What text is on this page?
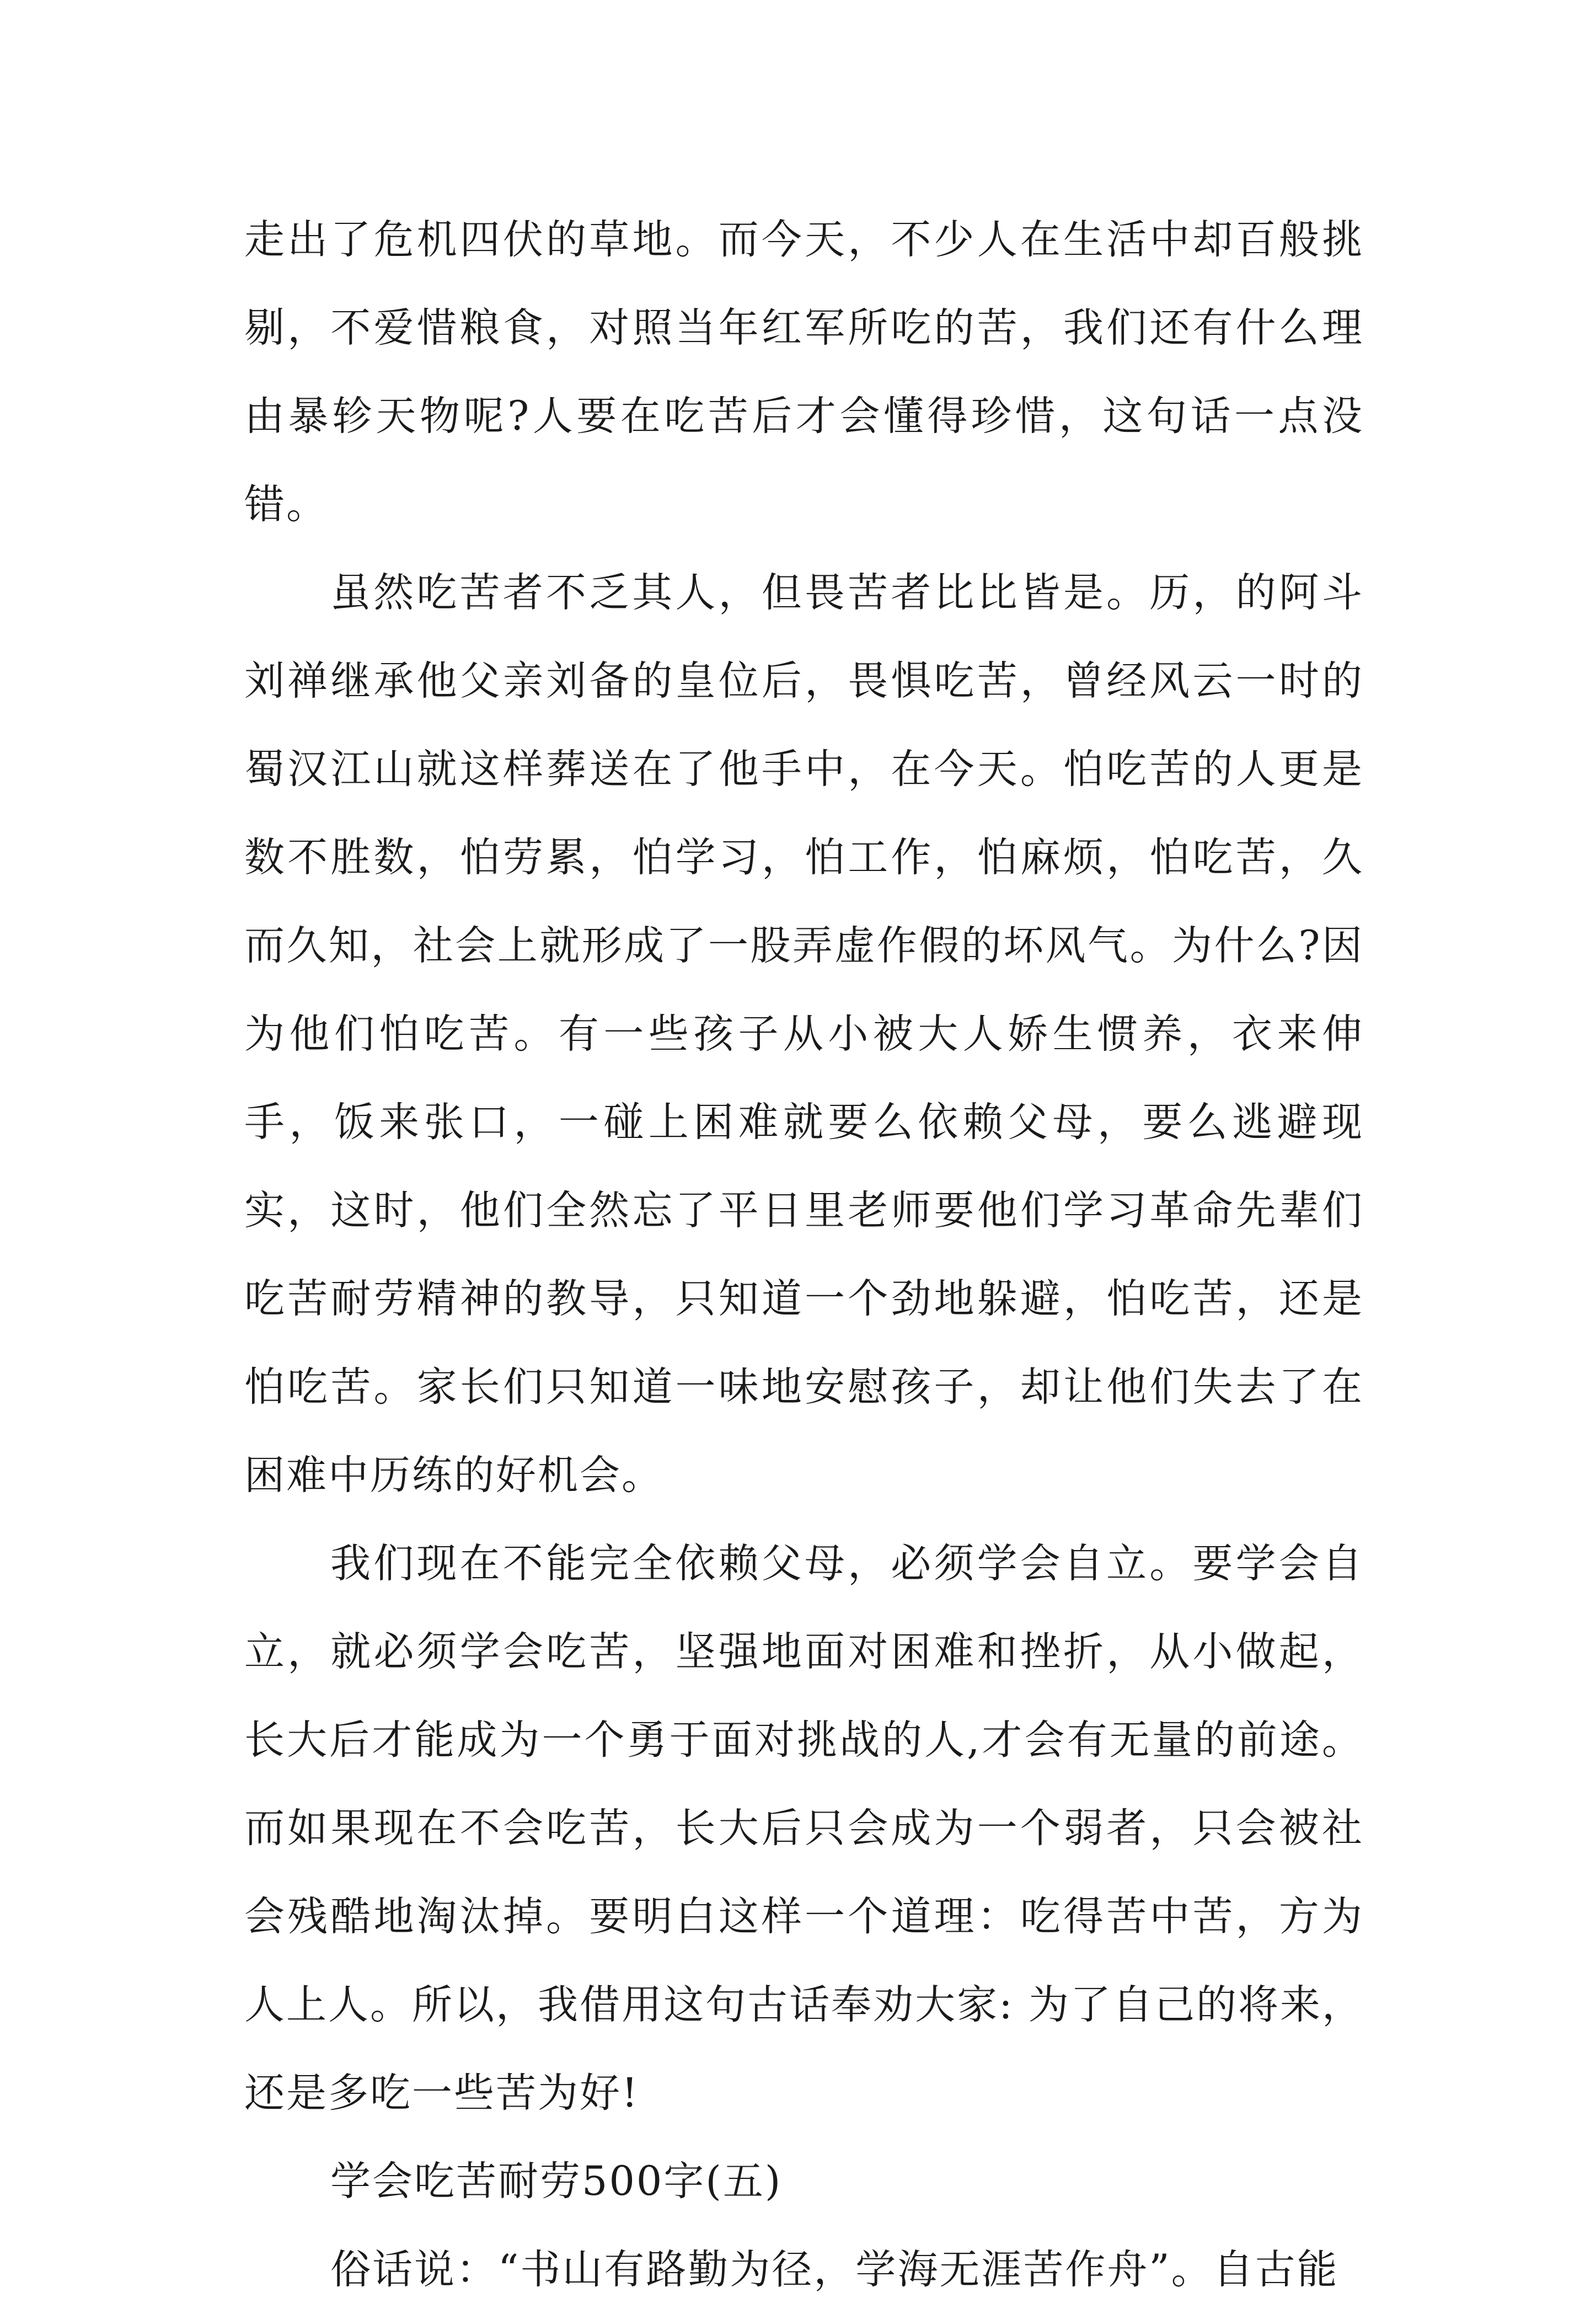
走出了危机四伏的草地。而今天，不少人在生活中却百般挑剔，不爱惜粮食，对照当年红军所吃的苦，我们还有什么理由暴轸天物呢?人要在吃苦后才会懂得珍惜，这句话一点没错。

虽然吃苦者不乏其人，但畏苦者比比皆是。历，的阿斗刘禅继承他父亲刘备的皇位后，畏惧吃苦，曾经风云一时的蜀汉江山就这样葬送在了他手中，在今天。怕吃苦的人更是数不胜数，怕劳累，怕学习，怕工作，怕麻烦，怕吃苦，久而久知，社会上就形成了一股弄虚作假的坏风气。为什么?因为他们怕吃苦。有一些孩子从小被大人娇生惯养，衣来伸手，饭来张口，一碰上困难就要么依赖父母，要么逃避现实，这时，他们全然忘了平日里老师要他们学习革命先辈们吃苦耐劳精神的教导，只知道一个劲地躲避，怕吃苦，还是怕吃苦。家长们只知道一味地安慰孩子，却让他们失去了在困难中历练的好机会。

我们现在不能完全依赖父母，必须学会自立。要学会自立，就必须学会吃苦，坚强地面对困难和挫折，从小做起，长大后才能成为一个勇于面对挑战的人,才会有无量的前途。而如果现在不会吃苦，长大后只会成为一个弱者，只会被社会残酷地淘汰掉。要明白这样一个道理：吃得苦中苦，方为人上人。所以，我借用这句古话奉劝大家: 为了自己的将来，还是多吃一些苦为好!

学会吃苦耐劳500字(五)

俗话说：“书山有路勤为径，学海无涯苦作舟”。自古能
